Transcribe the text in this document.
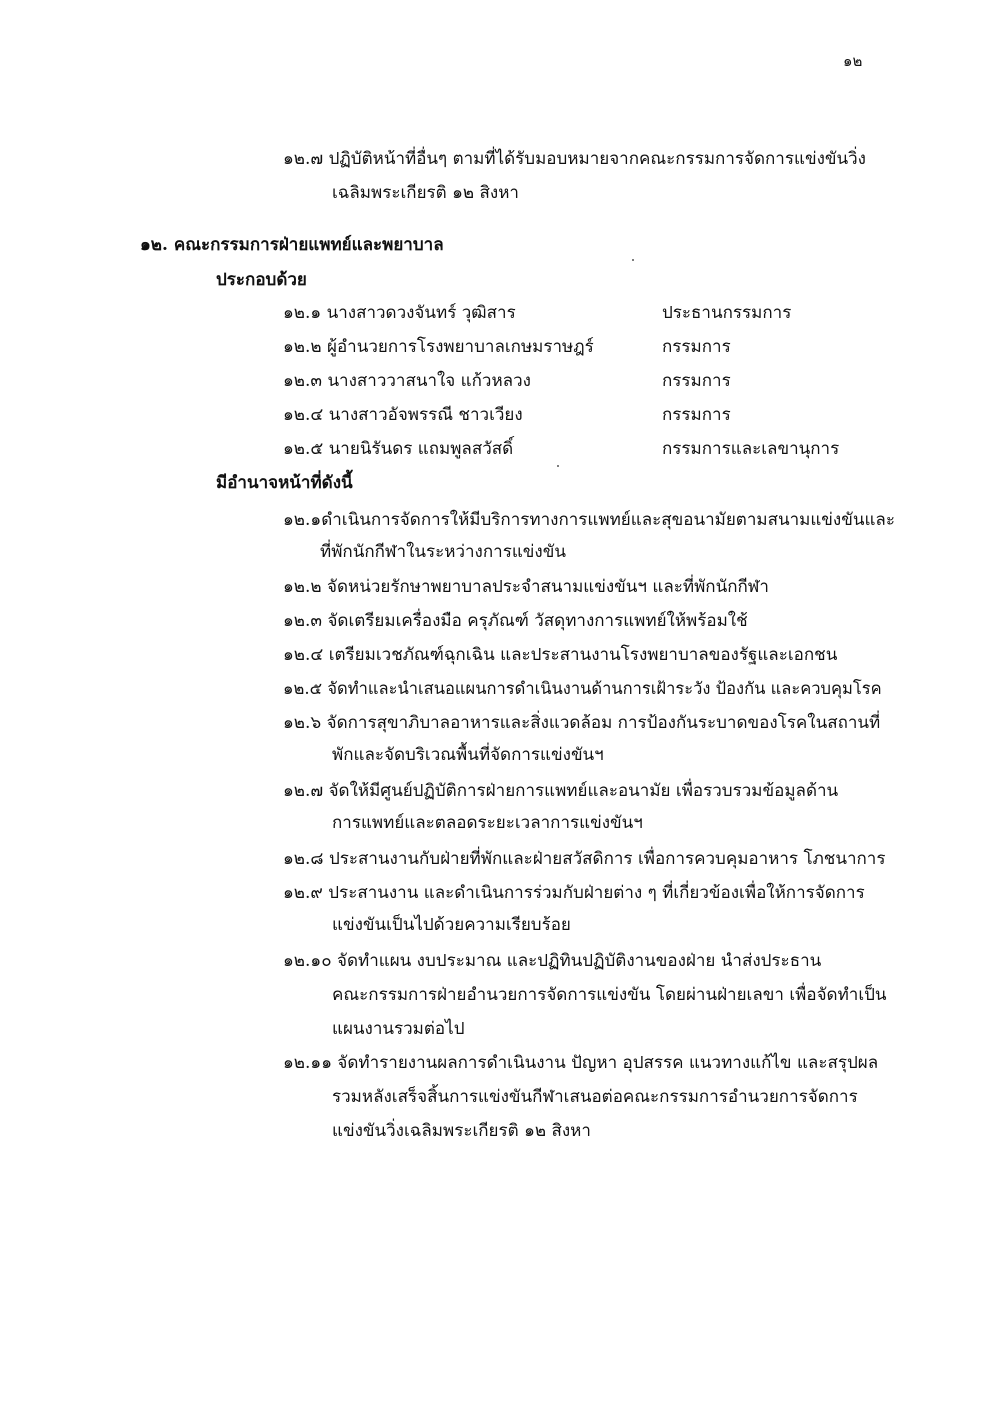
๑๒
๑๒.๗ ปฏิบัติหน้าที่อื่นๆ ตามที่ได้รับมอบหมายจากคณะกรรมการจัดการแข่งขันวิ่ง
เฉลิมพระเกียรติ ๑๒ สิงหา
๑๒. คณะกรรมการฝ่ายแพทย์และพยาบาล
ประกอบด้วย
๑๒.๑ นางสาวดวงจันทร์ วุฒิสาร	ประธานกรรมการ
๑๒.๒ ผู้อำนวยการโรงพยาบาลเกษมราษฎร์	กรรมการ
๑๒.๓ นางสาววาสนาใจ แก้วหลวง	กรรมการ
๑๒.๔ นางสาวอัจพรรณี ชาวเวียง	กรรมการ
๑๒.๕ นายนิรันดร แถมพูลสวัสดิ์	กรรมการและเลขานุการ
มีอำนาจหน้าที่ดังนี้
๑๒.๑ดำเนินการจัดการให้มีบริการทางการแพทย์และสุขอนามัยตามสนามแข่งขันและ
ที่พักนักกีฬาในระหว่างการแข่งขัน
๑๒.๒ จัดหน่วยรักษาพยาบาลประจำสนามแข่งขันฯ และที่พักนักกีฬา
๑๒.๓ จัดเตรียมเครื่องมือ ครุภัณฑ์ วัสดุทางการแพทย์ให้พร้อมใช้
๑๒.๔ เตรียมเวชภัณฑ์ฉุกเฉิน และประสานงานโรงพยาบาลของรัฐและเอกชน
๑๒.๕ จัดทำและนำเสนอแผนการดำเนินงานด้านการเฝ้าระวัง ป้องกัน และควบคุมโรค
๑๒.๖ จัดการสุขาภิบาลอาหารและสิ่งแวดล้อม การป้องกันระบาดของโรคในสถานที่
พักและจัดบริเวณพื้นที่จัดการแข่งขันฯ
๑๒.๗ จัดให้มีศูนย์ปฏิบัติการฝ่ายการแพทย์และอนามัย เพื่อรวบรวมข้อมูลด้าน
การแพทย์และตลอดระยะเวลาการแข่งขันฯ
๑๒.๘ ประสานงานกับฝ่ายที่พักและฝ่ายสวัสดิการ เพื่อการควบคุมอาหาร โภชนาการ
๑๒.๙ ประสานงาน และดำเนินการร่วมกับฝ่ายต่าง ๆ ที่เกี่ยวข้องเพื่อให้การจัดการ
แข่งขันเป็นไปด้วยความเรียบร้อย
๑๒.๑๐ จัดทำแผน งบประมาณ และปฏิทินปฏิบัติงานของฝ่าย นำส่งประธาน
คณะกรรมการฝ่ายอำนวยการจัดการแข่งขัน โดยผ่านฝ่ายเลขา เพื่อจัดทำเป็น
แผนงานรวมต่อไป
๑๒.๑๑ จัดทำรายงานผลการดำเนินงาน ปัญหา อุปสรรค แนวทางแก้ไข และสรุปผล
รวมหลังเสร็จสิ้นการแข่งขันกีฬาเสนอต่อคณะกรรมการอำนวยการจัดการ
แข่งขันวิ่งเฉลิมพระเกียรติ ๑๒ สิงหา
